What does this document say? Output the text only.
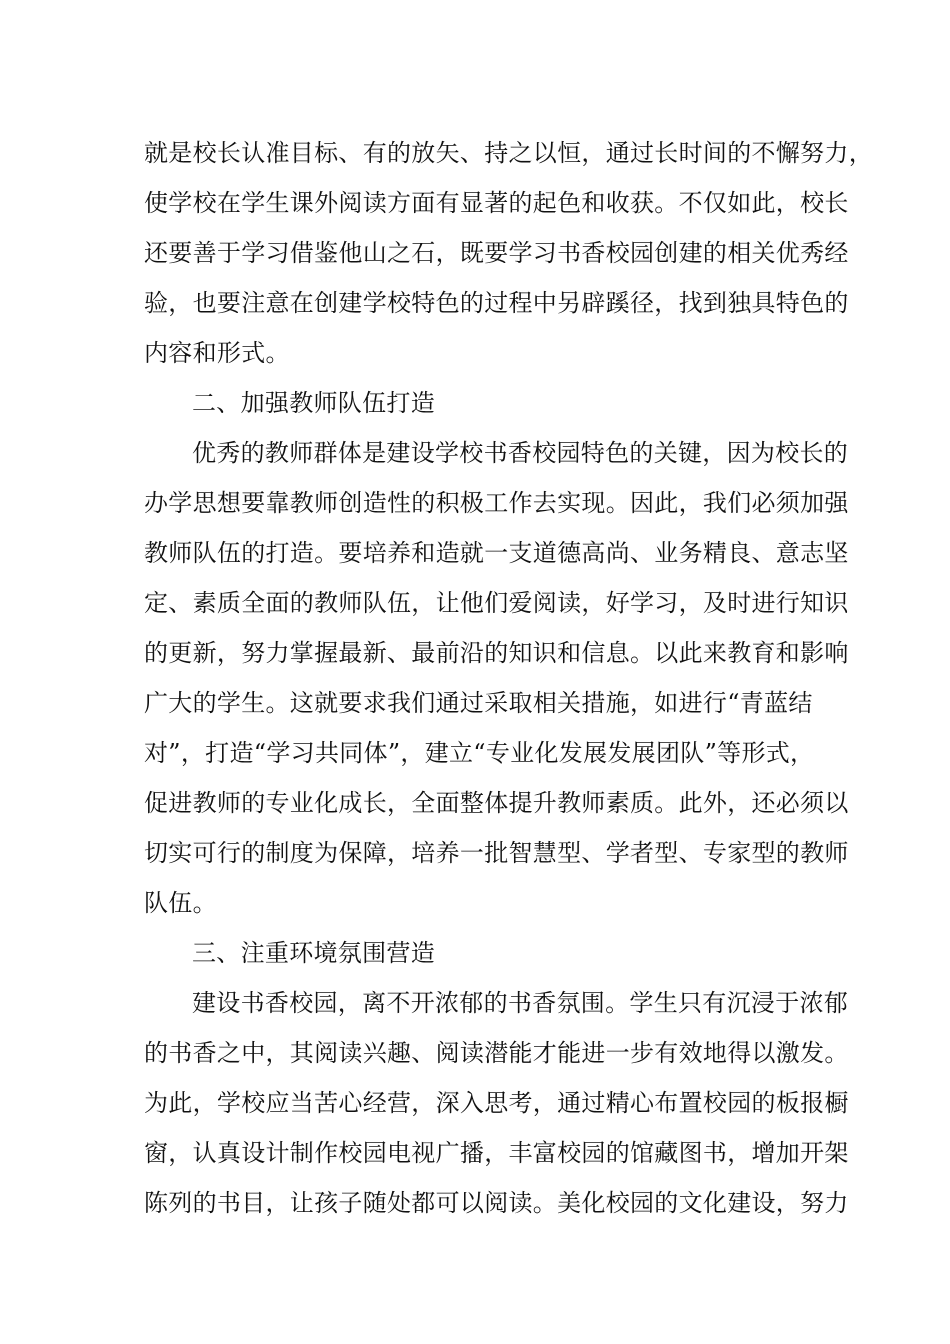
就是校长认准目标、有的放矢、持之以恒，通过长时间的不懈努力，
使学校在学生课外阅读方面有显著的起色和收获。不仅如此，校长
还要善于学习借鉴他山之石，既要学习书香校园创建的相关优秀经
验，也要注意在创建学校特色的过程中另辟蹊径，找到独具特色的
内容和形式。
二、加强教师队伍打造
优秀的教师群体是建设学校书香校园特色的关键，因为校长的
办学思想要靠教师创造性的积极工作去实现。因此，我们必须加强
教师队伍的打造。要培养和造就一支道德高尚、业务精良、意志坚
定、素质全面的教师队伍，让他们爱阅读，好学习，及时进行知识
的更新，努力掌握最新、最前沿的知识和信息。以此来教育和影响
广大的学生。这就要求我们通过采取相关措施，如进行“青蓝结
对”，打造“学习共同体”，建立“专业化发展发展团队”等形式，
促进教师的专业化成长，全面整体提升教师素质。此外，还必须以
切实可行的制度为保障，培养一批智慧型、学者型、专家型的教师
队伍。
三、注重环境氛围营造
建设书香校园，离不开浓郁的书香氛围。学生只有沉浸于浓郁
的书香之中，其阅读兴趣、阅读潜能才能进一步有效地得以激发。
为此，学校应当苦心经营，深入思考，通过精心布置校园的板报橱
窗，认真设计制作校园电视广播，丰富校园的馆藏图书，增加开架
陈列的书目，让孩子随处都可以阅读。美化校园的文化建设，努力
